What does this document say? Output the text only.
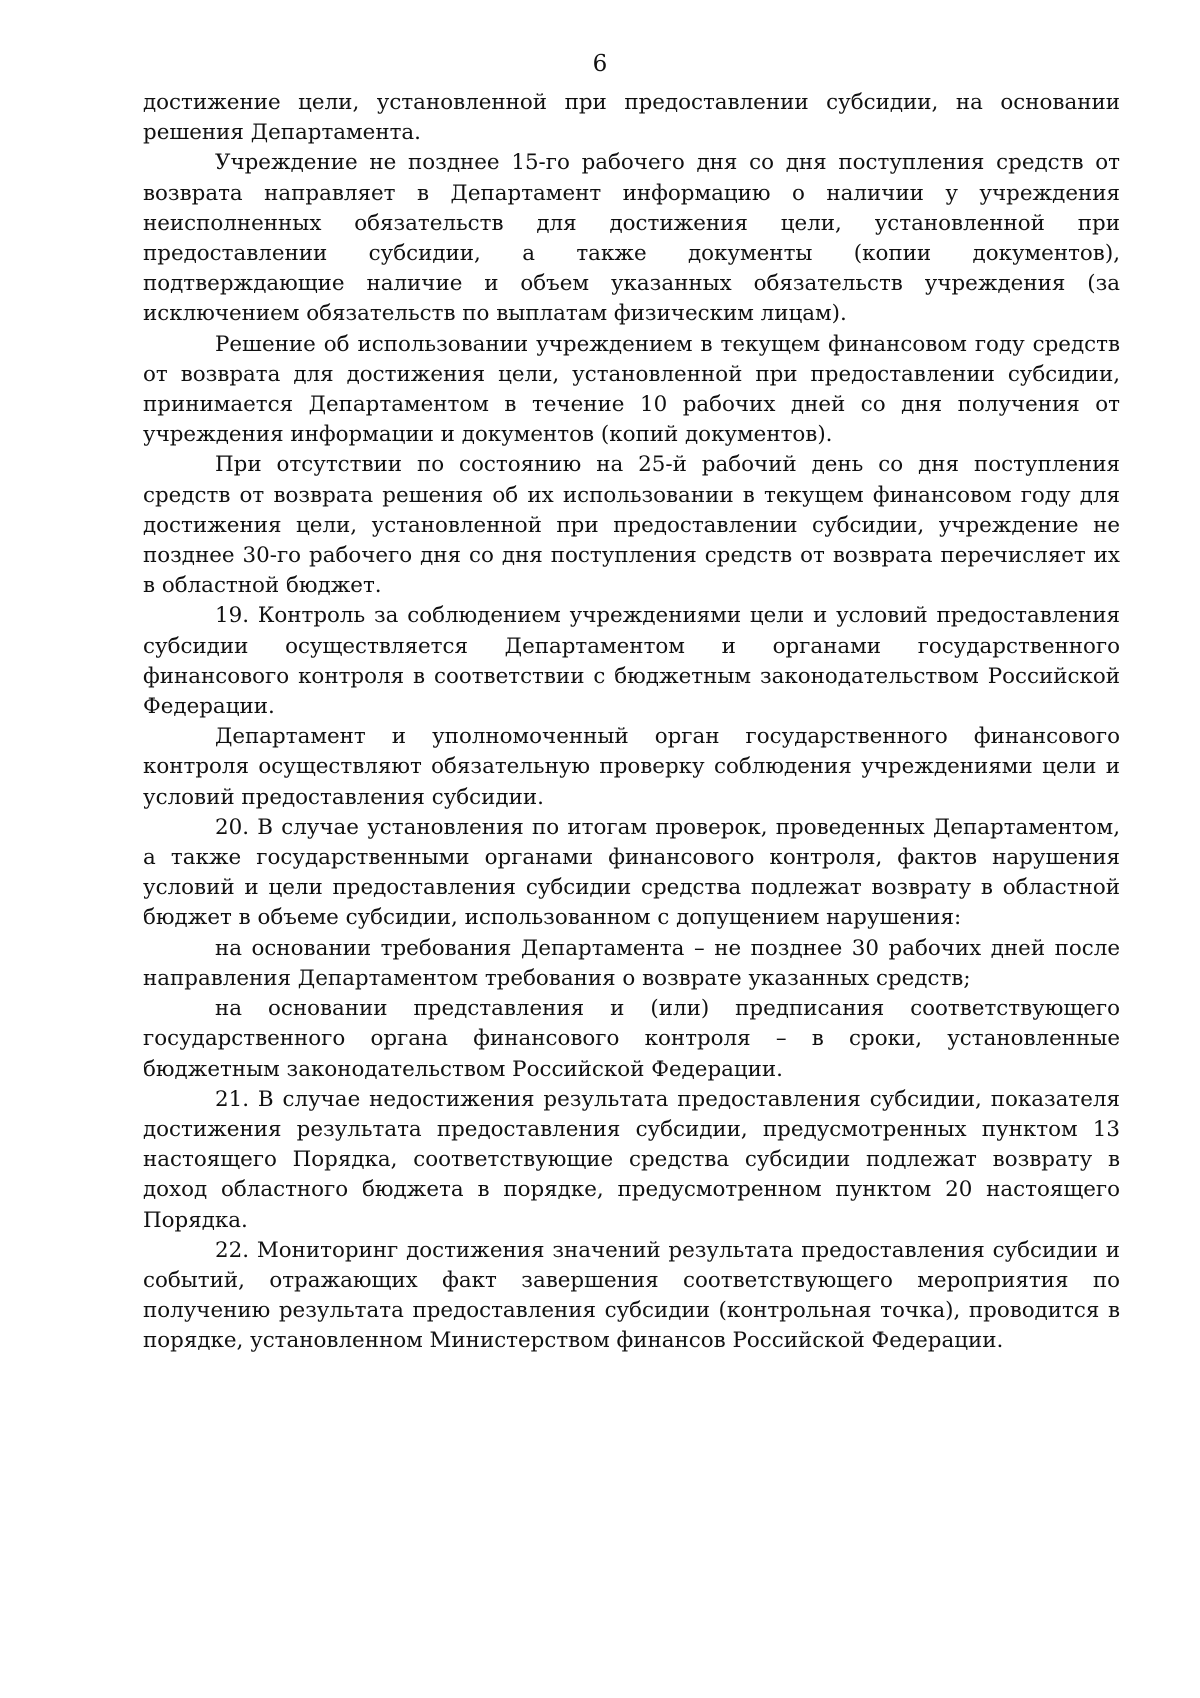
6

достижение цели, установленной при предоставлении субсидии, на основании решения Департамента.

Учреждение не позднее 15-го рабочего дня со дня поступления средств от возврата направляет в Департамент информацию о наличии у учреждения неисполненных обязательств для достижения цели, установленной при предоставлении субсидии, а также документы (копии документов), подтверждающие наличие и объем указанных обязательств учреждения (за исключением обязательств по выплатам физическим лицам).

Решение об использовании учреждением в текущем финансовом году средств от возврата для достижения цели, установленной при предоставлении субсидии, принимается Департаментом в течение 10 рабочих дней со дня получения от учреждения информации и документов (копий документов).

При отсутствии по состоянию на 25-й рабочий день со дня поступления средств от возврата решения об их использовании в текущем финансовом году для достижения цели, установленной при предоставлении субсидии, учреждение не позднее 30-го рабочего дня со дня поступления средств от возврата перечисляет их в областной бюджет.

19. Контроль за соблюдением учреждениями цели и условий предоставления субсидии осуществляется Департаментом и органами государственного финансового контроля в соответствии с бюджетным законодательством Российской Федерации.

Департамент и уполномоченный орган государственного финансового контроля осуществляют обязательную проверку соблюдения учреждениями цели и условий предоставления субсидии.

20. В случае установления по итогам проверок, проведенных Департаментом, а также государственными органами финансового контроля, фактов нарушения условий и цели предоставления субсидии средства подлежат возврату в областной бюджет в объеме субсидии, использованном с допущением нарушения:

на основании требования Департамента – не позднее 30 рабочих дней после направления Департаментом требования о возврате указанных средств;

на основании представления и (или) предписания соответствующего государственного органа финансового контроля – в сроки, установленные бюджетным законодательством Российской Федерации.

21. В случае недостижения результата предоставления субсидии, показателя достижения результата предоставления субсидии, предусмотренных пунктом 13 настоящего Порядка, соответствующие средства субсидии подлежат возврату в доход областного бюджета в порядке, предусмотренном пунктом 20 настоящего Порядка.

22. Мониторинг достижения значений результата предоставления субсидии и событий, отражающих факт завершения соответствующего мероприятия по получению результата предоставления субсидии (контрольная точка), проводится в порядке, установленном Министерством финансов Российской Федерации.
